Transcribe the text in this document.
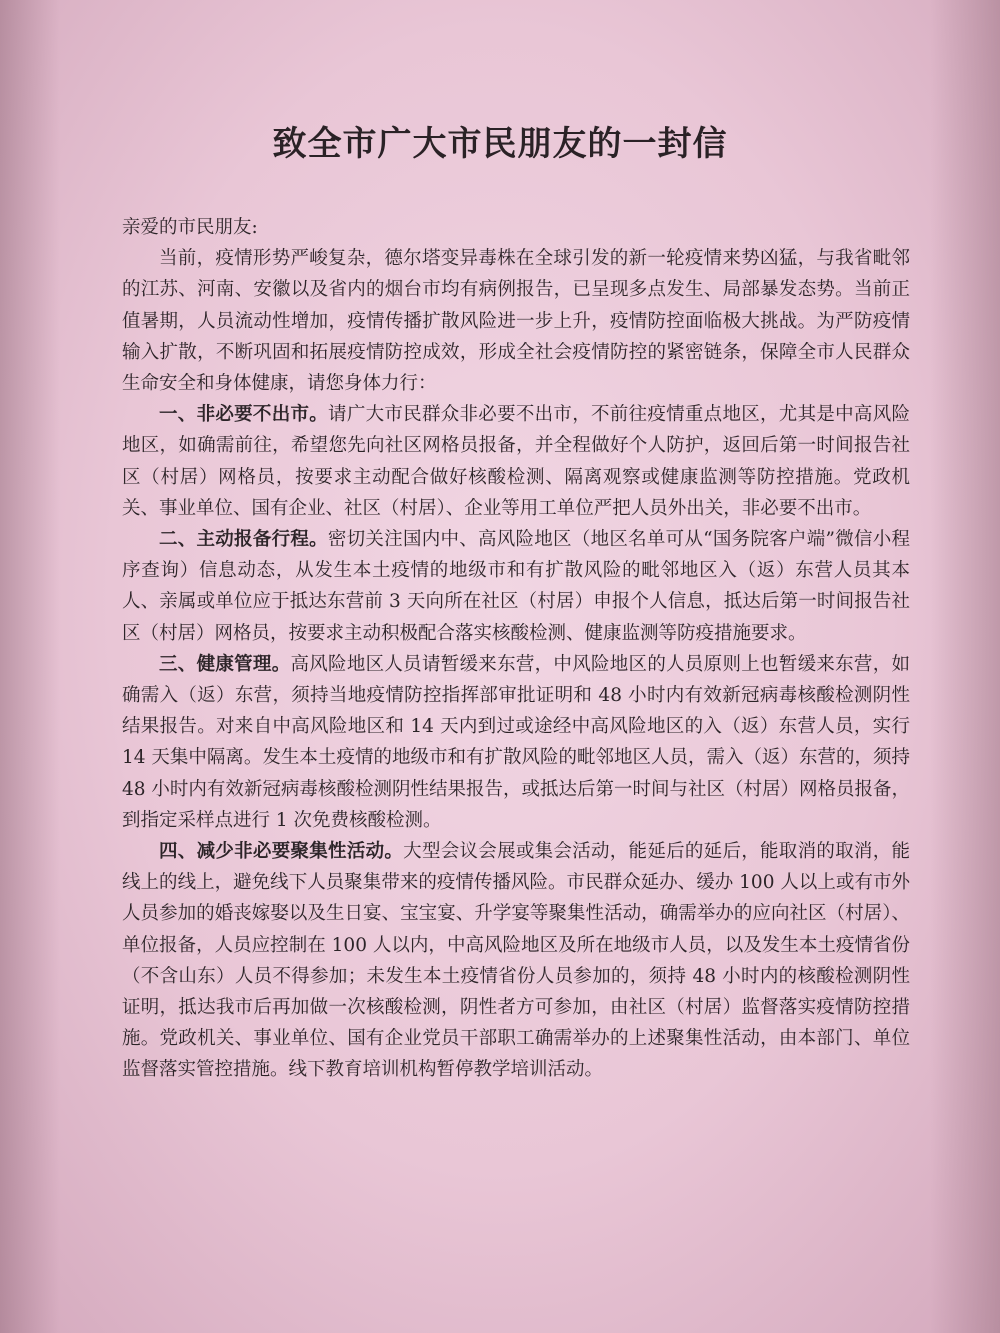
致全市广大市民朋友的一封信

亲爱的市民朋友:

当前，疫情形势严峻复杂，德尔塔变异毒株在全球引发的新一轮疫情来势凶猛，与我省毗邻的江苏、河南、安徽以及省内的烟台市均有病例报告，已呈现多点发生、局部暴发态势。当前正值暑期，人员流动性增加，疫情传播扩散风险进一步上升，疫情防控面临极大挑战。为严防疫情输入扩散，不断巩固和拓展疫情防控成效，形成全社会疫情防控的紧密链条，保障全市人民群众生命安全和身体健康，请您身体力行：

一、非必要不出市。请广大市民群众非必要不出市，不前往疫情重点地区，尤其是中高风险地区，如确需前往，希望您先向社区网格员报备，并全程做好个人防护，返回后第一时间报告社区（村居）网格员，按要求主动配合做好核酸检测、隔离观察或健康监测等防控措施。党政机关、事业单位、国有企业、社区（村居）、企业等用工单位严把人员外出关，非必要不出市。

二、主动报备行程。密切关注国内中、高风险地区（地区名单可从“国务院客户端”微信小程序查询）信息动态，从发生本土疫情的地级市和有扩散风险的毗邻地区入（返）东营人员其本人、亲属或单位应于抵达东营前 3 天向所在社区（村居）申报个人信息，抵达后第一时间报告社区（村居）网格员，按要求主动积极配合落实核酸检测、健康监测等防疫措施要求。

三、健康管理。高风险地区人员请暂缓来东营，中风险地区的人员原则上也暂缓来东营，如确需入（返）东营，须持当地疫情防控指挥部审批证明和 48 小时内有效新冠病毒核酸检测阴性结果报告。对来自中高风险地区和 14 天内到过或途经中高风险地区的入（返）东营人员，实行 14 天集中隔离。发生本土疫情的地级市和有扩散风险的毗邻地区人员，需入（返）东营的，须持 48 小时内有效新冠病毒核酸检测阴性结果报告，或抵达后第一时间与社区（村居）网格员报备，到指定采样点进行 1 次免费核酸检测。

四、减少非必要聚集性活动。大型会议会展或集会活动，能延后的延后，能取消的取消，能线上的线上，避免线下人员聚集带来的疫情传播风险。市民群众延办、缓办 100 人以上或有市外人员参加的婚丧嫁娶以及生日宴、宝宝宴、升学宴等聚集性活动，确需举办的应向社区（村居）、单位报备，人员应控制在 100 人以内，中高风险地区及所在地级市人员，以及发生本土疫情省份（不含山东）人员不得参加；未发生本土疫情省份人员参加的，须持 48 小时内的核酸检测阴性证明，抵达我市后再加做一次核酸检测，阴性者方可参加，由社区（村居）监督落实疫情防控措施。党政机关、事业单位、国有企业党员干部职工确需举办的上述聚集性活动，由本部门、单位监督落实管控措施。线下教育培训机构暂停教学培训活动。
